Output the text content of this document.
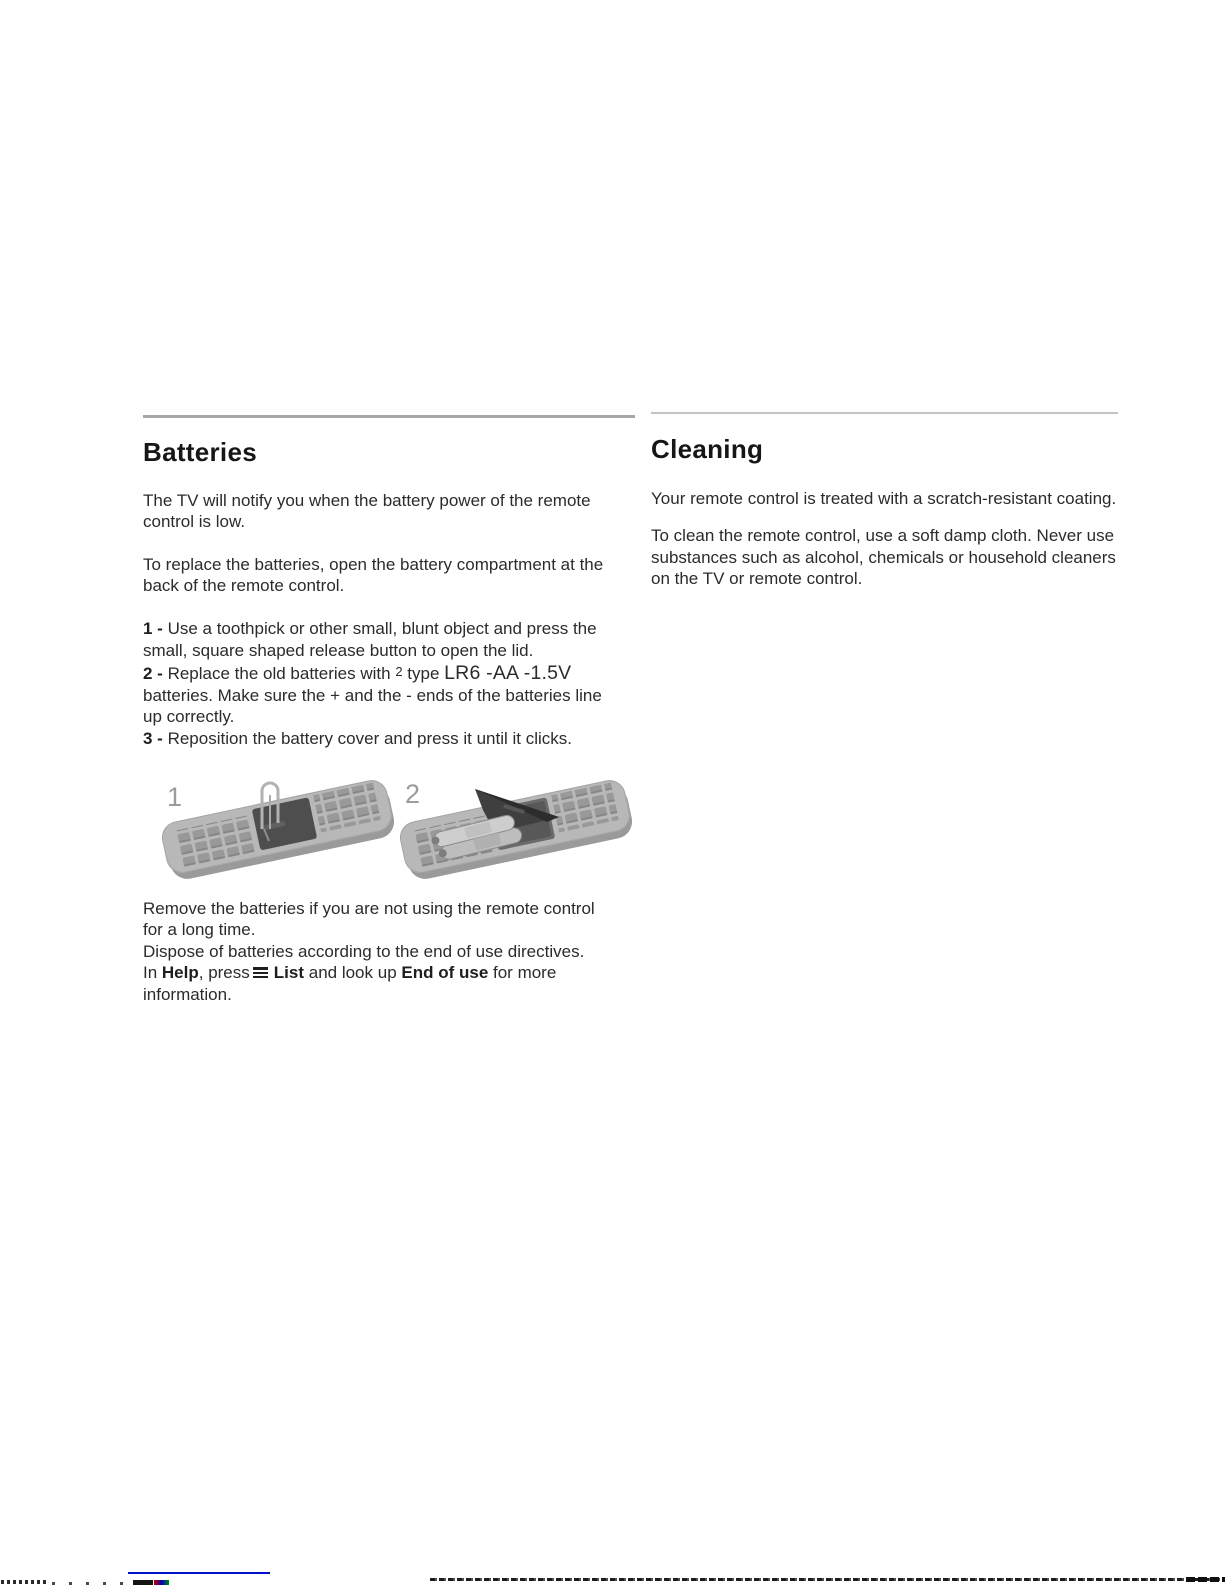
Batteries
The TV will notify you when the battery power of the remote
control is low.
To replace the batteries, open the battery compartment at the
back of the remote control.
1 - Use a toothpick or other small, blunt object and press the
small, square shaped release button to open the lid.
2 - Replace the old batteries with $^2$ type LR6 -AA -1.5V
batteries. Make sure the + and the - ends of the batteries line
up correctly.
3 - Reposition the battery cover and press it until it clicks.
1	2
Remove the batteries if you are not using the remote control
for a long time.
Dispose of batteries according to the end of use directives.
In Help, press List and look up End of use for more
information.
Cleaning
Your remote control is treated with a scratch-resistant coating.
To clean the remote control, use a soft damp cloth. Never use
substances such as alcohol, chemicals or household cleaners
on the TV or remote control.
